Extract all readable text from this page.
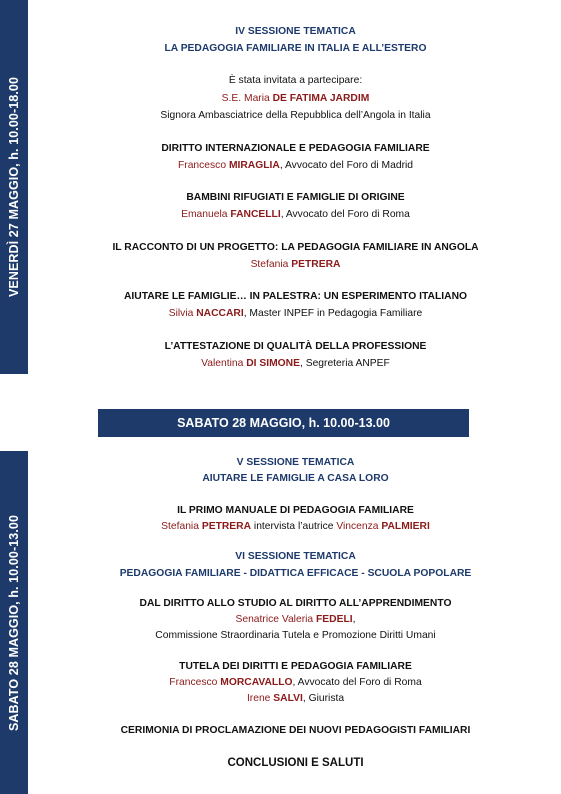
VENERDÌ 27 MAGGIO, h. 10.00-18.00
SABATO 28 MAGGIO, h. 10.00-13.00
IV SESSIONE TEMATICA
LA PEDAGOGIA FAMILIARE IN ITALIA E ALL’ESTERO
È stata invitata a partecipare:
S.E. Maria DE FATIMA JARDIM
Signora Ambasciatrice della Repubblica dell’Angola in Italia
DIRITTO INTERNAZIONALE E PEDAGOGIA FAMILIARE
Francesco MIRAGLIA, Avvocato del Foro di Madrid
BAMBINI RIFUGIATI E FAMIGLIE DI ORIGINE
Emanuela FANCELLI, Avvocato del Foro di Roma
IL RACCONTO DI UN PROGETTO: LA PEDAGOGIA FAMILIARE IN ANGOLA
Stefania PETRERA
AIUTARE LE FAMIGLIE… IN PALESTRA: UN ESPERIMENTO ITALIANO
Silvia NACCARI, Master INPEF in Pedagogia Familiare
L’ATTESTAZIONE DI QUALITÀ DELLA PROFESSIONE
Valentina DI SIMONE, Segreteria ANPEF
SABATO 28 MAGGIO, h. 10.00-13.00
V SESSIONE TEMATICA
AIUTARE LE FAMIGLIE A CASA LORO
IL PRIMO MANUALE DI PEDAGOGIA FAMILIARE
Stefania PETRERA intervista l’autrice Vincenza PALMIERI
VI SESSIONE TEMATICA
PEDAGOGIA FAMILIARE - DIDATTICA EFFICACE - SCUOLA POPOLARE
DAL DIRITTO ALLO STUDIO AL DIRITTO ALL’APPRENDIMENTO
Senatrice Valeria FEDELI,
Commissione Straordinaria Tutela e Promozione Diritti Umani
TUTELA DEI DIRITTI E PEDAGOGIA FAMILIARE
Francesco MORCAVALLO, Avvocato del Foro di Roma
Irene SALVI, Giurista
CERIMONIA DI PROCLAMAZIONE DEI NUOVI PEDAGOGISTI FAMILIARI
CONCLUSIONI E SALUTI
